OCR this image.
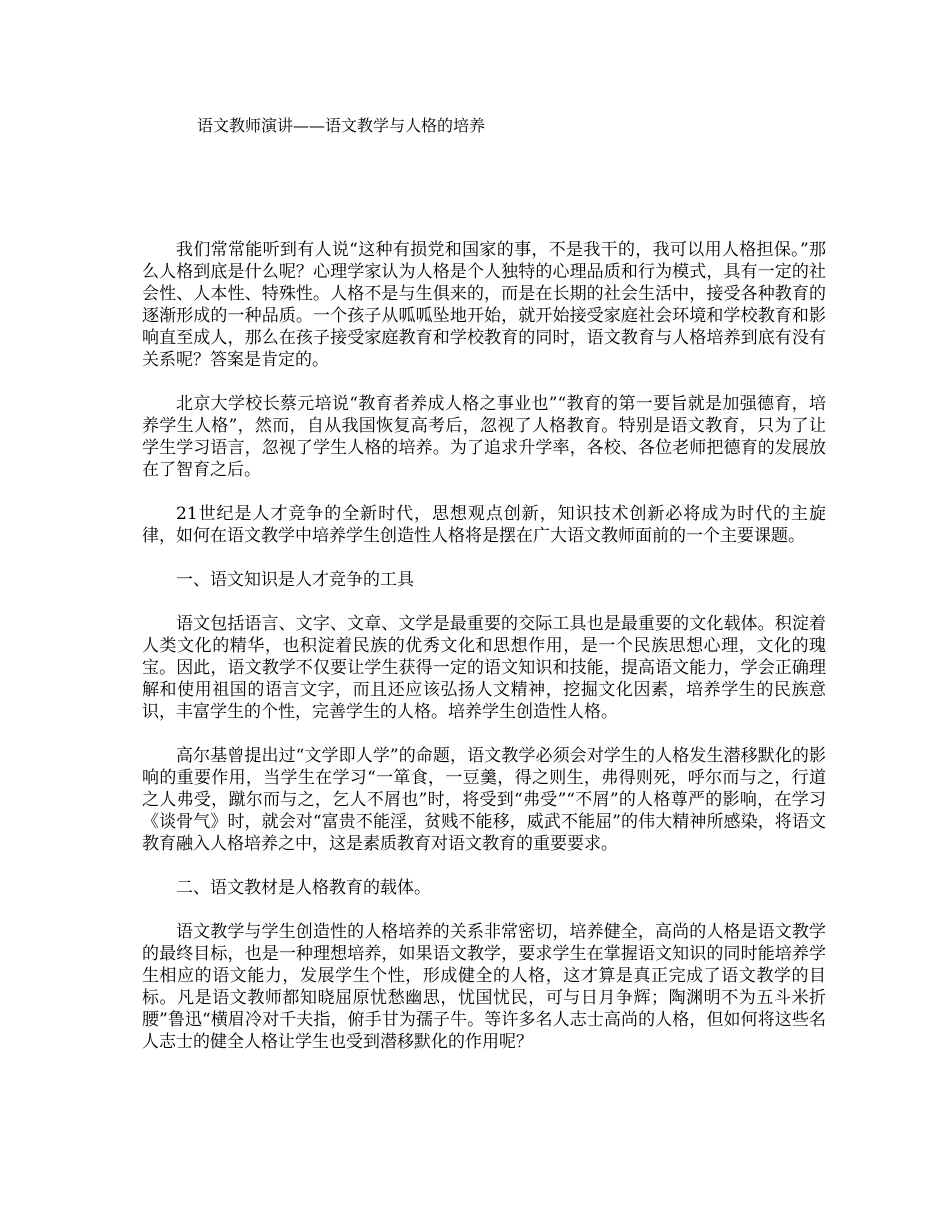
语文教师演讲——语文教学与人格的培养

我们常常能听到有人说“这种有损党和国家的事，不是我干的，我可以用人格担保。”那么人格到底是什么呢？心理学家认为人格是个人独特的心理品质和行为模式，具有一定的社会性、人本性、特殊性。人格不是与生俱来的，而是在长期的社会生活中，接受各种教育的逐渐形成的一种品质。一个孩子从呱呱坠地开始，就开始接受家庭社会环境和学校教育和影响直至成人，那么在孩子接受家庭教育和学校教育的同时，语文教育与人格培养到底有没有关系呢？答案是肯定的。

北京大学校长蔡元培说“教育者养成人格之事业也”“教育的第一要旨就是加强德育，培养学生人格”，然而，自从我国恢复高考后，忽视了人格教育。特别是语文教育，只为了让学生学习语言，忽视了学生人格的培养。为了追求升学率，各校、各位老师把德育的发展放在了智育之后。

21世纪是人才竞争的全新时代，思想观点创新，知识技术创新必将成为时代的主旋律，如何在语文教学中培养学生创造性人格将是摆在广大语文教师面前的一个主要课题。

一、语文知识是人才竞争的工具

语文包括语言、文字、文章、文学是最重要的交际工具也是最重要的文化载体。积淀着人类文化的精华，也积淀着民族的优秀文化和思想作用，是一个民族思想心理，文化的瑰宝。因此，语文教学不仅要让学生获得一定的语文知识和技能，提高语文能力，学会正确理解和使用祖国的语言文字，而且还应该弘扬人文精神，挖掘文化因素，培养学生的民族意识，丰富学生的个性，完善学生的人格。培养学生创造性人格。

高尔基曾提出过“文学即人学”的命题，语文教学必须会对学生的人格发生潜移默化的影响的重要作用，当学生在学习“一箪食，一豆羹，得之则生，弗得则死，呼尔而与之，行道之人弗受，蹴尔而与之，乞人不屑也”时，将受到“弗受”“不屑”的人格尊严的影响，在学习《谈骨气》时，就会对“富贵不能淫，贫贱不能移，威武不能屈”的伟大精神所感染，将语文教育融入人格培养之中，这是素质教育对语文教育的重要要求。

二、语文教材是人格教育的载体。

语文教学与学生创造性的人格培养的关系非常密切，培养健全，高尚的人格是语文教学的最终目标，也是一种理想培养，如果语文教学，要求学生在掌握语文知识的同时能培养学生相应的语文能力，发展学生个性，形成健全的人格，这才算是真正完成了语文教学的目标。凡是语文教师都知晓屈原忧愁幽思，忧国忧民，可与日月争辉；陶渊明不为五斗米折腰”鲁迅“横眉冷对千夫指，俯手甘为孺子牛。等许多名人志士高尚的人格，但如何将这些名人志士的健全人格让学生也受到潜移默化的作用呢？
